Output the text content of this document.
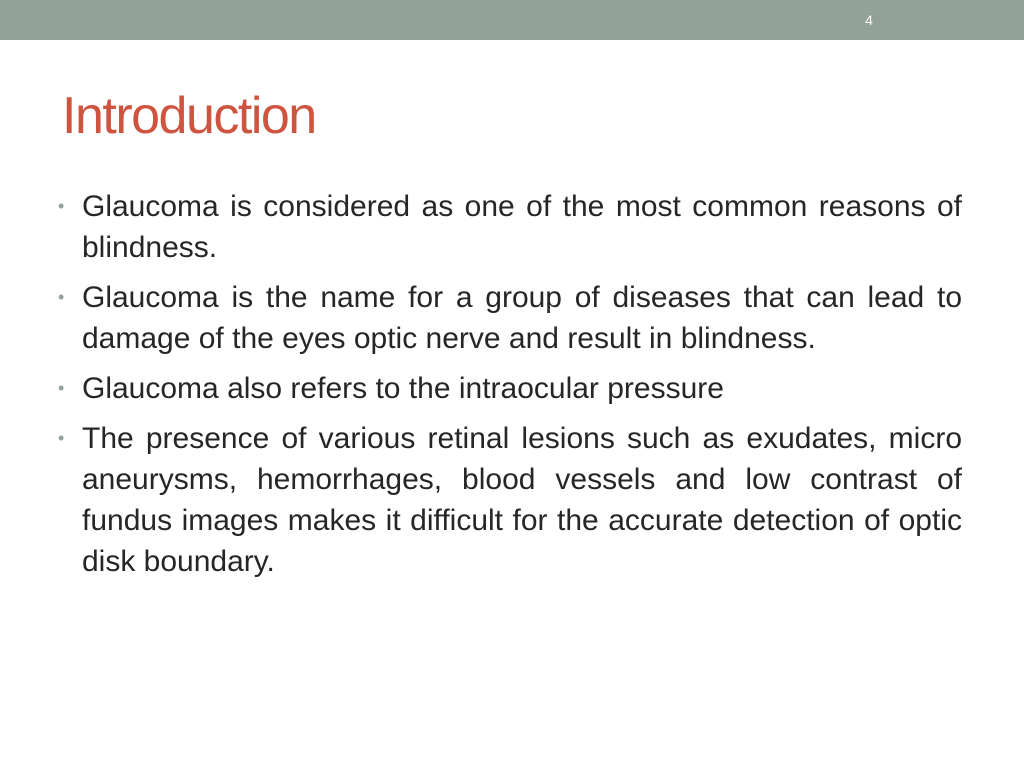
4
Introduction
• Glaucoma is considered as one of the most common reasons of blindness.
• Glaucoma is the name for a group of diseases that can lead to damage of the eyes optic nerve and result in blindness.
• Glaucoma also refers to the intraocular pressure
• The presence of various retinal lesions such as exudates, micro aneurysms, hemorrhages, blood vessels and low contrast of fundus images makes it difficult for the accurate detection of optic disk boundary.
